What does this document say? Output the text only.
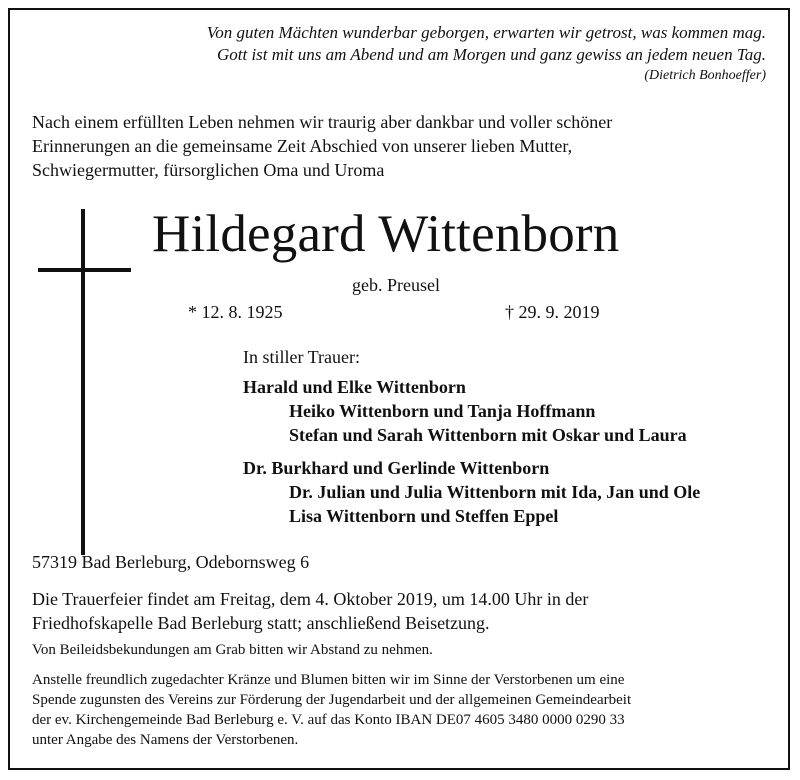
Von guten Mächten wunderbar geborgen, erwarten wir getrost, was kommen mag.
Gott ist mit uns am Abend und am Morgen und ganz gewiss an jedem neuen Tag.
(Dietrich Bonhoeffer)
Nach einem erfüllten Leben nehmen wir traurig aber dankbar und voller schöner
Erinnerungen an die gemeinsame Zeit Abschied von unserer lieben Mutter,
Schwiegermutter, fürsorglichen Oma und Uroma
Hildegard Wittenborn
geb. Preusel
* 12. 8. 1925	† 29. 9. 2019
In stiller Trauer:
Harald und Elke Wittenborn
Heiko Wittenborn und Tanja Hoffmann
Stefan und Sarah Wittenborn mit Oskar und Laura
Dr. Burkhard und Gerlinde Wittenborn
Dr. Julian und Julia Wittenborn mit Ida, Jan und Ole
Lisa Wittenborn und Steffen Eppel
57319 Bad Berleburg, Odebornsweg 6
Die Trauerfeier findet am Freitag, dem 4. Oktober 2019, um 14.00 Uhr in der
Friedhofskapelle Bad Berleburg statt; anschließend Beisetzung.
Von Beileidsbekundungen am Grab bitten wir Abstand zu nehmen.
Anstelle freundlich zugedachter Kränze und Blumen bitten wir im Sinne der Verstorbenen um eine
Spende zugunsten des Vereins zur Förderung der Jugendarbeit und der allgemeinen Gemeindearbeit
der ev. Kirchengemeinde Bad Berleburg e. V. auf das Konto IBAN DE07 4605 3480 0000 0290 33
unter Angabe des Namens der Verstorbenen.
